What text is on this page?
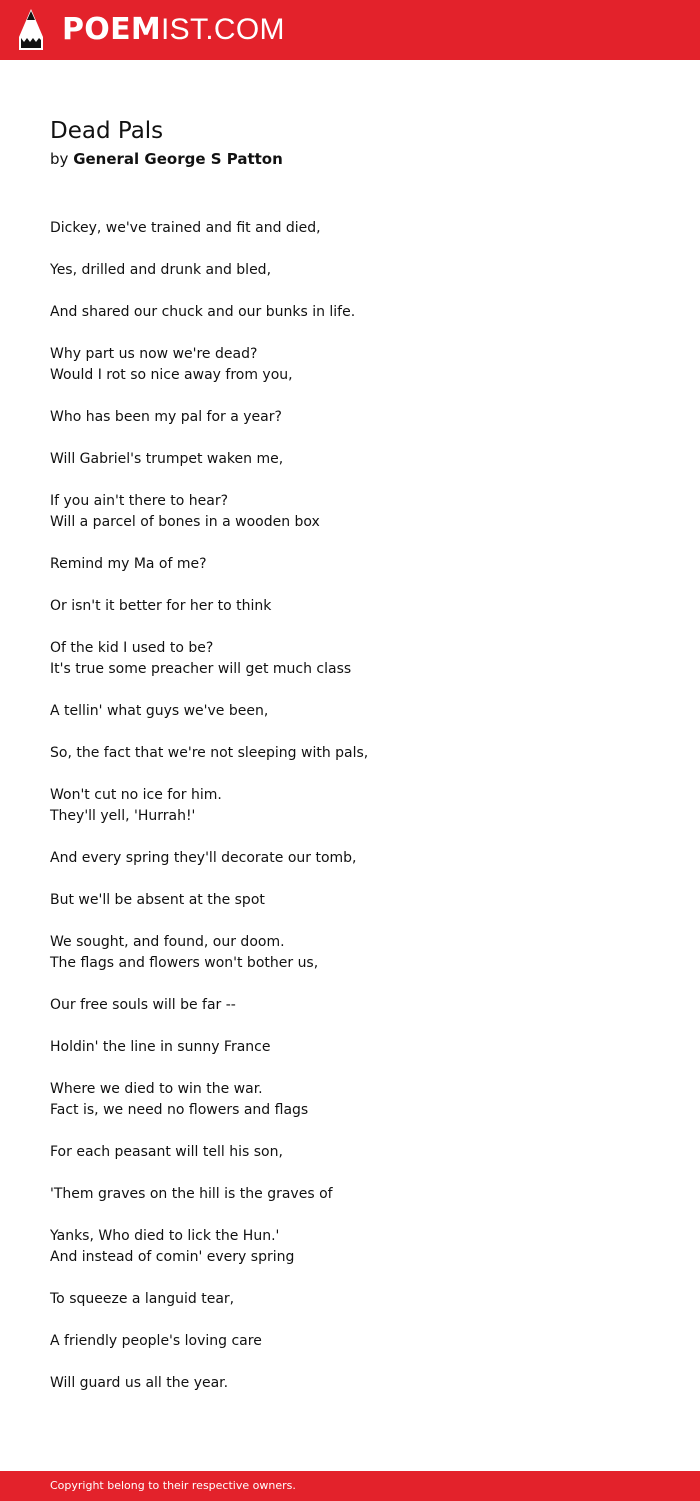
POEMIST.COM
Dead Pals
by General George S Patton

Dickey, we've trained and fit and died,

Yes, drilled and drunk and bled,

And shared our chuck and our bunks in life.

Why part us now we're dead?
Would I rot so nice away from you,

Who has been my pal for a year?

Will Gabriel's trumpet waken me,

If you ain't there to hear?
Will a parcel of bones in a wooden box

Remind my Ma of me?

Or isn't it better for her to think

Of the kid I used to be?
It's true some preacher will get much class

A tellin' what guys we've been,

So, the fact that we're not sleeping with pals,

Won't cut no ice for him.
They'll yell, 'Hurrah!'

And every spring they'll decorate our tomb,

But we'll be absent at the spot

We sought, and found, our doom.
The flags and flowers won't bother us,

Our free souls will be far --

Holdin' the line in sunny France

Where we died to win the war.
Fact is, we need no flowers and flags

For each peasant will tell his son,

'Them graves on the hill is the graves of

Yanks, Who died to lick the Hun.'
And instead of comin' every spring

To squeeze a languid tear,

A friendly people's loving care

Will guard us all the year.

Copyright belong to their respective owners.
